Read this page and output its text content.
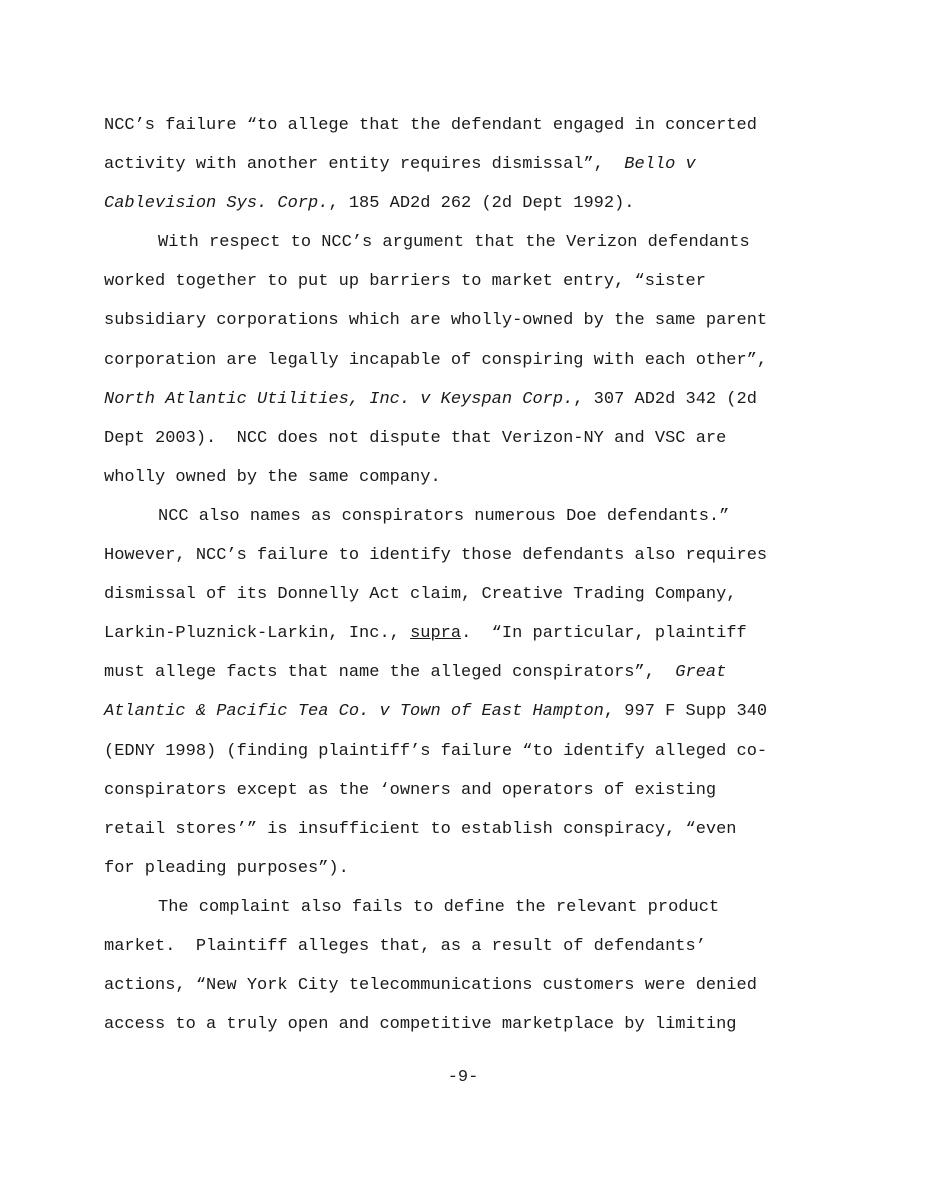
NCC’s failure “to allege that the defendant engaged in concerted
activity with another entity requires dismissal”,  Bello v
Cablevision Sys. Corp., 185 AD2d 262 (2d Dept 1992).
With respect to NCC’s argument that the Verizon defendants
worked together to put up barriers to market entry, “sister
subsidiary corporations which are wholly-owned by the same parent
corporation are legally incapable of conspiring with each other”,
North Atlantic Utilities, Inc. v Keyspan Corp., 307 AD2d 342 (2d
Dept 2003).  NCC does not dispute that Verizon-NY and VSC are
wholly owned by the same company.
NCC also names as conspirators numerous Doe defendants.”
However, NCC’s failure to identify those defendants also requires
dismissal of its Donnelly Act claim, Creative Trading Company,
Larkin-Pluznick-Larkin, Inc., supra.  “In particular, plaintiff
must allege facts that name the alleged conspirators”,  Great
Atlantic & Pacific Tea Co. v Town of East Hampton, 997 F Supp 340
(EDNY 1998) (finding plaintiff’s failure “to identify alleged co-
conspirators except as the ‘owners and operators of existing
retail stores’” is insufficient to establish conspiracy, “even
for pleading purposes”).
The complaint also fails to define the relevant product
market.  Plaintiff alleges that, as a result of defendants’
actions, “New York City telecommunications customers were denied
access to a truly open and competitive marketplace by limiting
-9-
